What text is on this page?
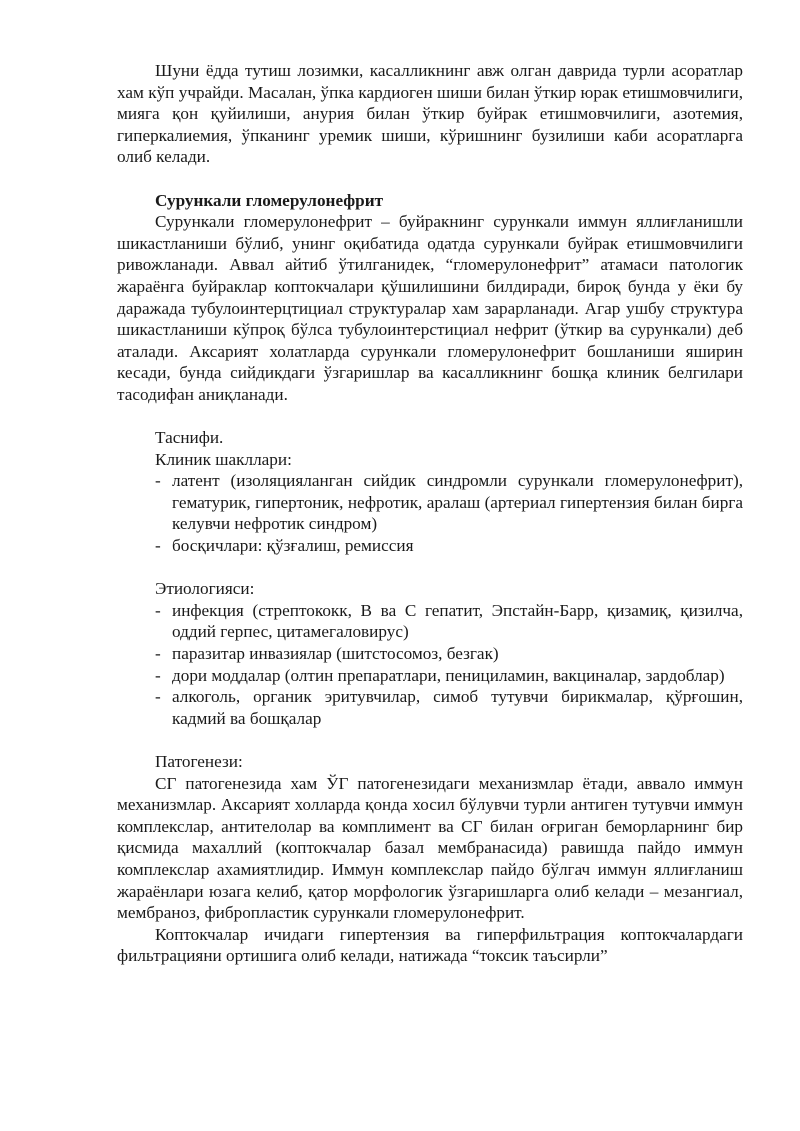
Шуни ёдда тутиш лозимки, касалликнинг авж олган даврида турли асоратлар хам кўп учрайди. Масалан, ўпка кардиоген шиши билан ўткир юрак етишмовчилиги, мияга қон қуйилиши, анурия билан ўткир буйрак етишмовчилиги, азотемия, гиперкалиемия, ўпканинг уремик шиши, кўришнинг бузилиши каби асоратларга олиб келади.

Сурункали гломерулонефрит

Сурункали гломерулонефрит – буйракнинг сурункали иммун яллиғланишли шикастланиши бўлиб, унинг оқибатида одатда сурункали буйрак етишмовчилиги ривожланади. Аввал айтиб ўтилганидек, “гломерулонефрит” атамаси патологик жараёнга буйраклар коптокчалари қўшилишини билдиради, бироқ бунда у ёки бу даражада тубулоинтерцтициал структуралар хам зарарланади. Агар ушбу структура шикастланиши кўпроқ бўлса тубулоинтерстициал нефрит (ўткир ва сурункали) деб аталади. Аксарият холатларда сурункали гломерулонефрит бошланиши яширин кесади, бунда сийдикдаги ўзгаришлар ва касалликнинг бошқа клиник белгилари тасодифан аниқланади.

Таснифи.

Клиник шакллари:

- латент (изоляцияланган сийдик синдромли сурункали гломерулонефрит), гематурик, гипертоник, нефротик, аралаш (артериал гипертензия билан бирга келувчи нефротик синдром)
- босқичлари: қўзғалиш, ремиссия

Этиологияси:

- инфекция (стрептококк, В ва С гепатит, Эпстайн-Барр, қизамиқ, қизилча, оддий герпес, цитамегаловирус)
- паразитар инвазиялар (шитстосомоз, безгак)
- дори моддалар (олтин препаратлари, пенициламин, вакциналар, зардоблар)
- алкоголь, органик эритувчилар, симоб тутувчи бирикмалар, қўрғошин, кадмий ва бошқалар

Патогенези:

СГ патогенезида хам ЎГ патогенезидаги механизмлар ётади, аввало иммун механизмлар. Аксарият холларда қонда хосил бўлувчи турли антиген тутувчи иммун комплекслар, антителолар ва комплимент ва СГ билан оғриган беморларнинг бир қисмида махаллий (коптокчалар базал мембранасида) равишда пайдо иммун комплекслар ахамиятлидир. Иммун комплекслар пайдо бўлгач иммун яллиғланиш жараёнлари юзага келиб, қатор морфологик ўзгаришларга олиб келади – мезангиал, мембраноз, фибропластик сурункали гломерулонефрит.

Коптокчалар ичидаги гипертензия ва гиперфильтрация коптокчалардаги фильтрацияни ортишига олиб келади, натижада “токсик таъсирли”
